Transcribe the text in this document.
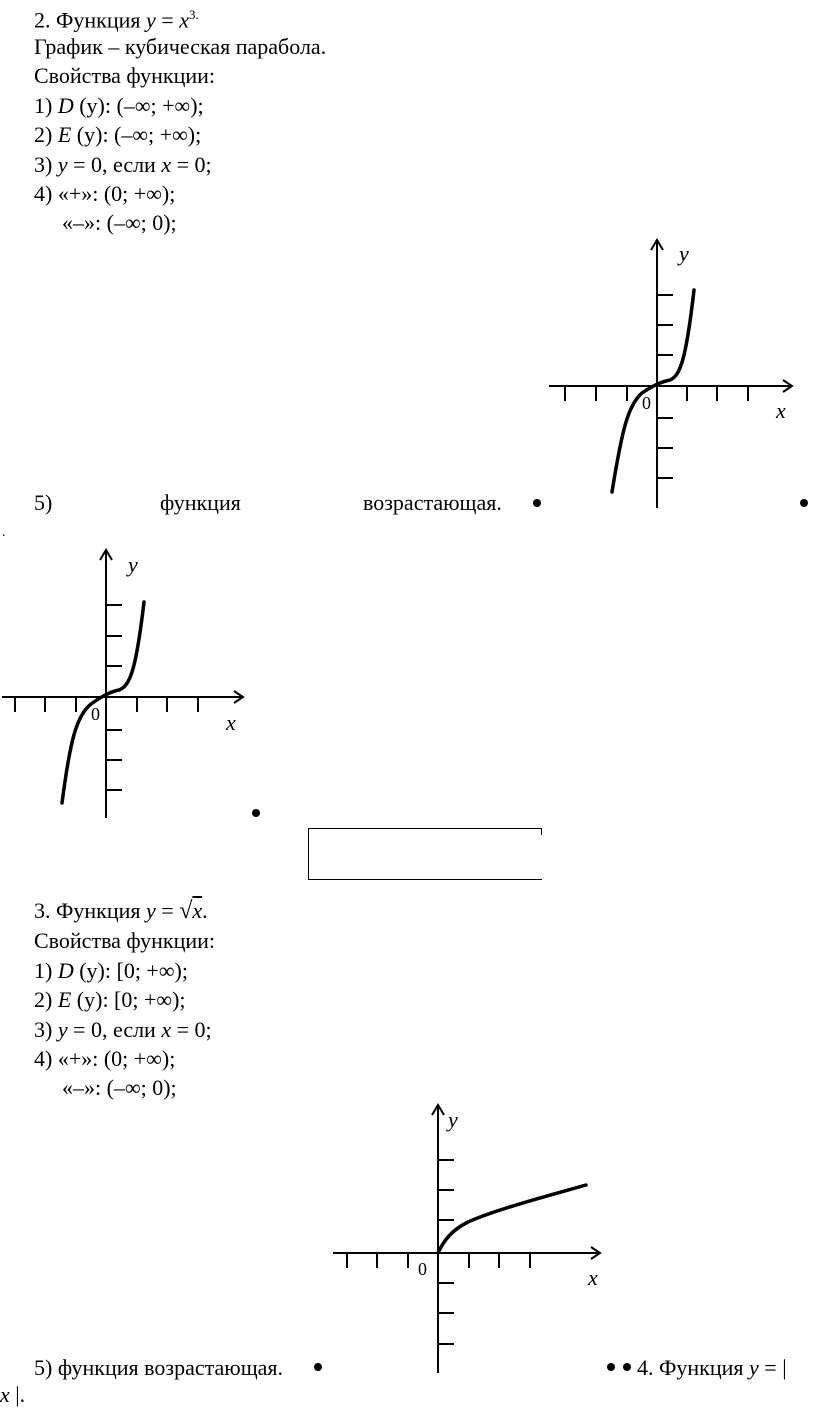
2. Функция $y = x^{3.}$
График – кубическая парабола.
Свойства функции:
1) D (y): (–∞; +∞);
2) E (y): (–∞; +∞);
3) y = 0, если x = 0;
4) «+»: (0; +∞);
«–»: (–∞; 0);
5)	функция	возрастающая.
.
3. Функция y = √x.
Свойства функции:
1) D (y): [0; +∞);
2) E (y): [0; +∞);
3) y = 0, если x = 0;
4) «+»: (0; +∞);
«–»: (–∞; 0);
5) функция возрастающая.	4. Функция y = |
x |.
y
x
0
y
x
0
y
x
0
